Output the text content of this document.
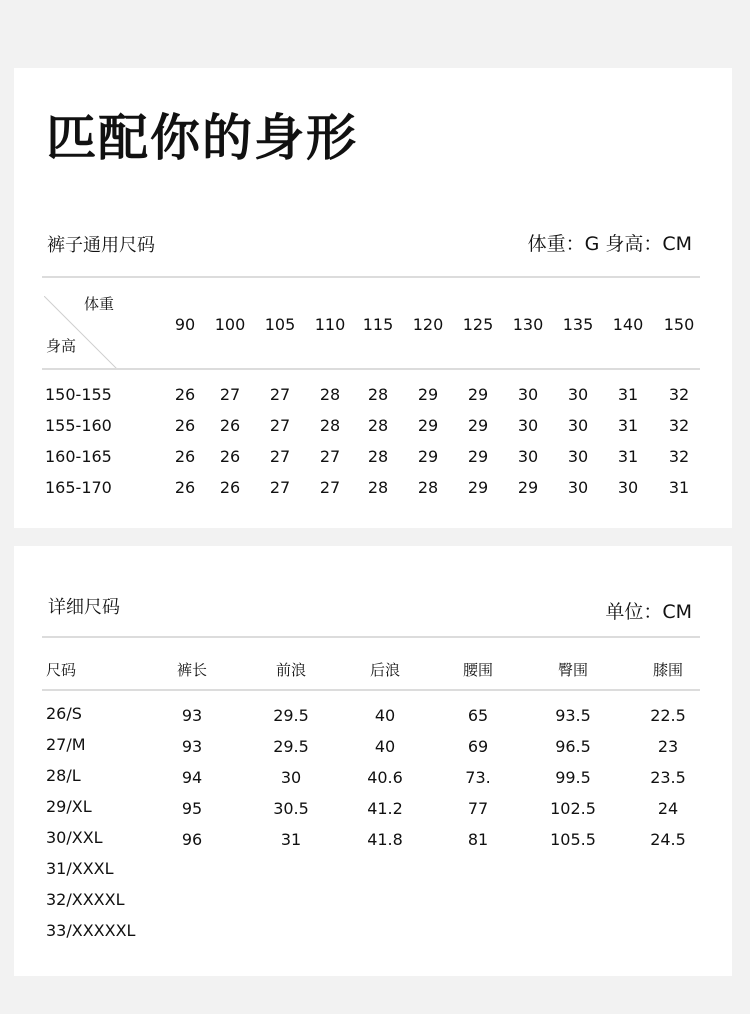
匹配你的身形
裤子通用尺码	体重：G 身高：CM
体重
身高
90	100	105	110	115	120	125	130	135	140	150
150-155	26	27	27	28	28	29	29	30	30	31	32
155-160	26	26	27	28	28	29	29	30	30	31	32
160-165	26	26	27	27	28	29	29	30	30	31	32
165-170	26	26	27	27	28	28	29	29	30	30	31
详细尺码	单位：CM
尺码	裤长	前浪	后浪	腰围	臀围	膝围
26/S	93	29.5	40	65	93.5	22.5
27/M	93	29.5	40	69	96.5	23
28/L	94	30	40.6	73.	99.5	23.5
29/XL	95	30.5	41.2	77	102.5	24
30/XXL	96	31	41.8	81	105.5	24.5
31/XXXL
32/XXXXL
33/XXXXXL
